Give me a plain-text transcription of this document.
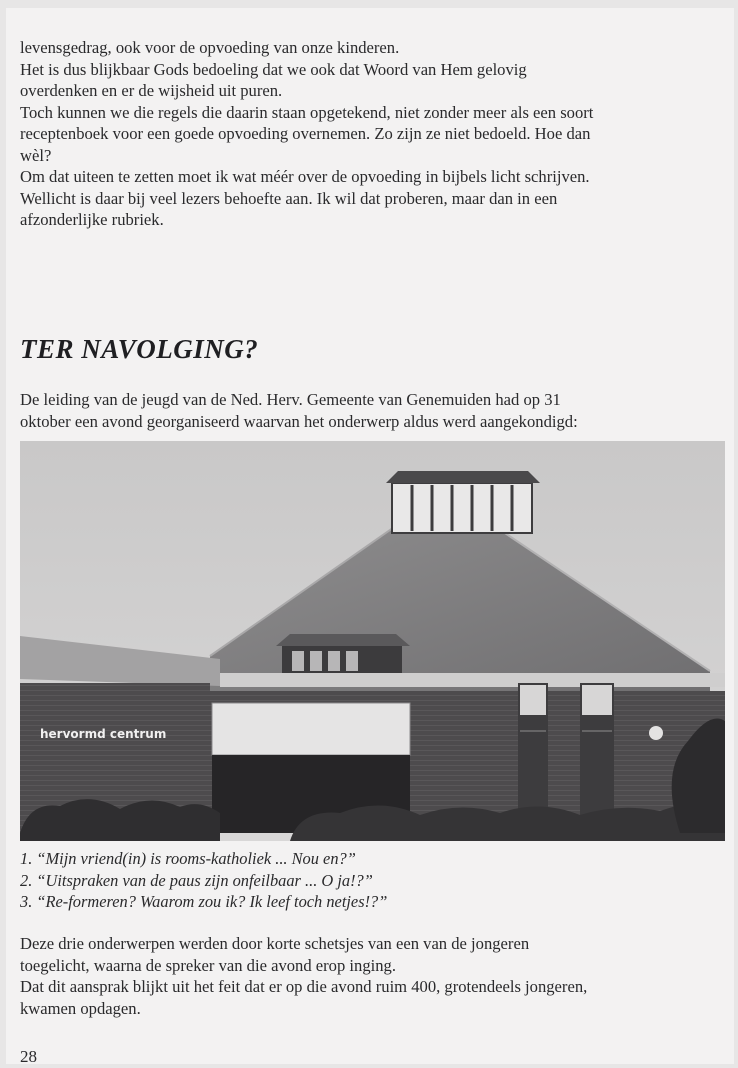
levensgedrag, ook voor de opvoeding van onze kinderen.
Het is dus blijkbaar Gods bedoeling dat we ook dat Woord van Hem gelovig
overdenken en er de wijsheid uit puren.
Toch kunnen we die regels die daarin staan opgetekend, niet zonder meer als een soort
receptenboek voor een goede opvoeding overnemen. Zo zijn ze niet bedoeld. Hoe dan
wèl?
Om dat uiteen te zetten moet ik wat méér over de opvoeding in bijbels licht schrijven.
Wellicht is daar bij veel lezers behoefte aan. Ik wil dat proberen, maar dan in een
afzonderlijke rubriek.
TER NAVOLGING?
De leiding van de jeugd van de Ned. Herv. Gemeente van Genemuiden had op 31
oktober een avond georganiseerd waarvan het onderwerp aldus werd aangekondigd:
hervormd centrum
1. “Mijn vriend(in) is rooms-katholiek ... Nou en?”
2. “Uitspraken van de paus zijn onfeilbaar ... O ja!?”
3. “Re-formeren? Waarom zou ik? Ik leef toch netjes!?”
Deze drie onderwerpen werden door korte schetsjes van een van de jongeren
toegelicht, waarna de spreker van die avond erop inging.
Dat dit aansprak blijkt uit het feit dat er op die avond ruim 400, grotendeels jongeren,
kwamen opdagen.
28
